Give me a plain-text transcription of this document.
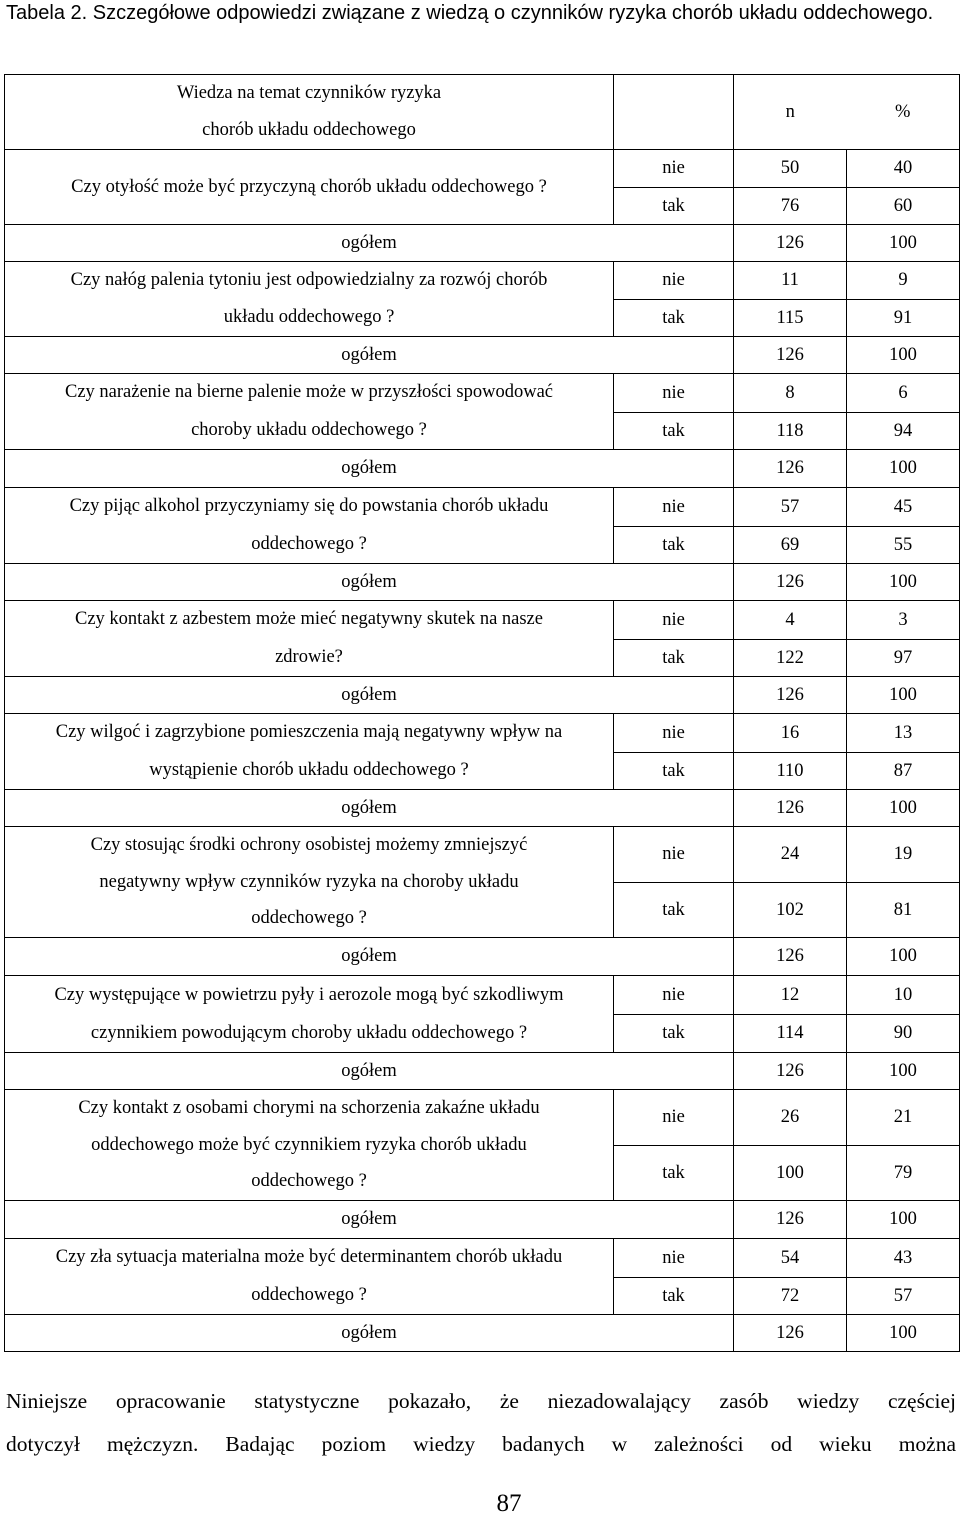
Tabela 2. Szczegółowe odpowiedzi związane z wiedzą o czynników ryzyka chorób układu oddechowego.
Wiedza na temat czynników ryzyka
chorób układu oddechowego		n	%

Czy otyłość może być przyczyną chorób układu oddechowego ?	nie	50	40
	tak	76	60
ogółem		126	100

Czy nałóg palenia tytoniu jest odpowiedzialny za rozwój chorób
układu oddechowego ?	nie	11	9
	tak	115	91
ogółem		126	100

Czy narażenie na bierne palenie może w przyszłości spowodować
choroby układu oddechowego ?	nie	8	6
	tak	118	94
ogółem		126	100

Czy pijąc alkohol przyczyniamy się do powstania chorób układu
oddechowego ?	nie	57	45
	tak	69	55
ogółem		126	100

Czy kontakt z azbestem może mieć negatywny skutek na nasze
zdrowie?	nie	4	3
	tak	122	97
ogółem		126	100

Czy wilgoć i zagrzybione pomieszczenia mają negatywny wpływ na
wystąpienie chorób układu oddechowego ?	nie	16	13
	tak	110	87
ogółem		126	100

Czy stosując środki ochrony osobistej możemy zmniejszyć
negatywny wpływ czynników ryzyka na choroby układu
oddechowego ?	nie	24	19
	tak	102	81
ogółem		126	100

Czy występujące w powietrzu pyły i aerozole mogą być szkodliwym
czynnikiem powodującym choroby układu oddechowego ?	nie	12	10
	tak	114	90
ogółem		126	100

Czy kontakt z osobami chorymi na schorzenia zakaźne układu
oddechowego może być czynnikiem ryzyka chorób układu
oddechowego ?	nie	26	21
	tak	100	79
ogółem		126	100

Czy zła sytuacja materialna może być determinantem chorób układu
oddechowego ?	nie	54	43
	tak	72	57
ogółem		126	100
Niniejsze opracowanie statystyczne pokazało, że niezadowalający zasób wiedzy częściej
dotyczył mężczyzn. Badając poziom wiedzy badanych w zależności od wieku można
87
